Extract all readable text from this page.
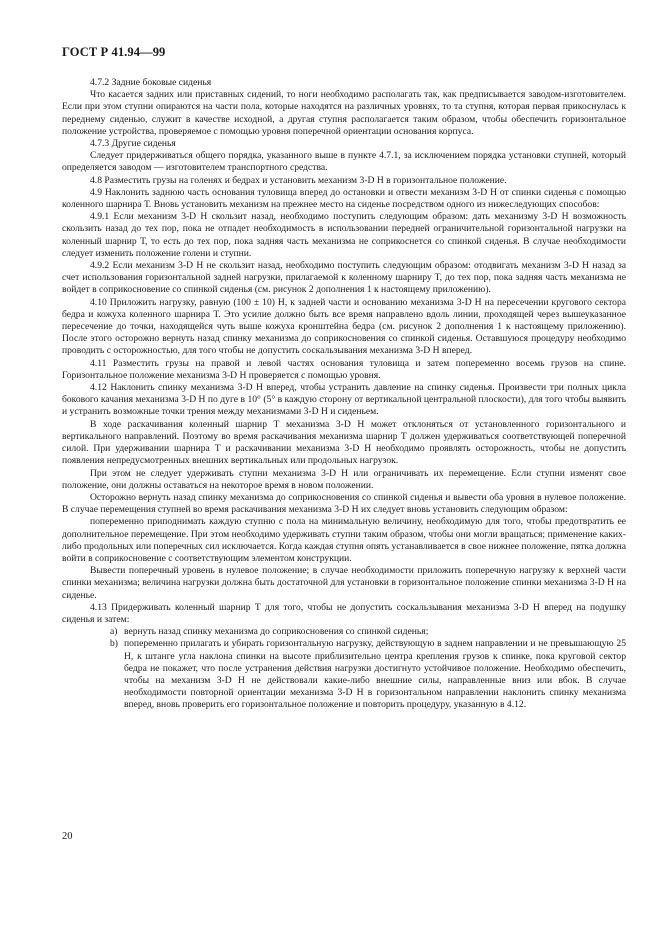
ГОСТ Р 41.94—99

4.7.2 Задние боковые сиденья

Что касается задних или приставных сидений, то ноги необходимо располагать так, как предписывается заводом-изготовителем. Если при этом ступни опираются на части пола, которые находятся на различных уровнях, то та ступня, которая первая прикоснулась к переднему сиденью, служит в качестве исходной, а другая ступня располагается таким образом, чтобы обеспечить горизонтальное положение устройства, проверяемое с помощью уровня поперечной ориентации основания корпуса.

4.7.3 Другие сиденья

Следует придерживаться общего порядка, указанного выше в пункте 4.7.1, за исключением порядка установки ступней, который определяется заводом — изготовителем транспортного средства.

4.8 Разместить грузы на голенях и бедрах и установить механизм 3-D H в горизонтальное положение.

4.9 Наклонить заднюю часть основания туловища вперед до остановки и отвести механизм 3-D H от спинки сиденья с помощью коленного шарнира Т. Вновь установить механизм на прежнее место на сиденье посредством одного из нижеследующих способов:

4.9.1 Если механизм 3-D H скользит назад, необходимо поступить следующим образом: дать механизму 3-D H возможность скользить назад до тех пор, пока не отпадет необходимость в использовании передней ограничительной горизонтальной нагрузки на коленный шарнир Т, то есть до тех пор, пока задняя часть механизма не соприкоснется со спинкой сиденья. В случае необходимости следует изменить положение голени и ступни.

4.9.2 Если механизм 3-D H не скользит назад, необходимо поступить следующим образом: отодвигать механизм 3-D H назад за счет использования горизонтальной задней нагрузки, прилагаемой к коленному шарниру Т, до тех пор, пока задняя часть механизма не войдет в соприкосновение со спинкой сиденья (см. рисунок 2 дополнения 1 к настоящему приложению).

4.10 Приложить нагрузку, равную (100 ± 10) Н, к задней части и основанию механизма 3-D H на пересечении кругового сектора бедра и кожуха коленного шарнира Т. Это усилие должно быть все время направлено вдоль линии, проходящей через вышеуказанное пересечение до точки, находящейся чуть выше кожуха кронштейна бедра (см. рисунок 2 дополнения 1 к настоящему приложению). После этого осторожно вернуть назад спинку механизма до соприкосновения со спинкой сиденья. Оставшуюся процедуру необходимо проводить с осторожностью, для того чтобы не допустить соскальзывания механизма 3-D H вперед.

4.11 Разместить грузы на правой и левой частях основания туловища и затем попеременно восемь грузов на спине. Горизонтальное положение механизма 3-D H проверяется с помощью уровня.

4.12 Наклонить спинку механизма 3-D H вперед, чтобы устранить давление на спинку сиденья. Произвести три полных цикла бокового качания механизма 3-D H по дуге в 10° (5° в каждую сторону от вертикальной центральной плоскости), для того чтобы выявить и устранить возможные точки трения между механизмами 3-D H и сиденьем.

В ходе раскачивания коленный шарнир Т механизма 3-D H может отклоняться от установленного горизонтального и вертикального направлений. Поэтому во время раскачивания механизма шарнир Т должен удерживаться соответствующей поперечной силой. При удерживании шарнира Т и раскачивании механизма 3-D H необходимо проявлять осторожность, чтобы не допустить появления непредусмотренных внешних вертикальных или продольных нагрузок.

При этом не следует удерживать ступни механизма 3-D H или ограничивать их перемещение. Если ступни изменят свое положение, они должны оставаться на некоторое время в новом положении.

Осторожно вернуть назад спинку механизма до соприкосновения со спинкой сиденья и вывести оба уровня в нулевое положение. В случае перемещения ступней во время раскачивания механизма 3-D H их следует вновь установить следующим образом:

попеременно приподнимать каждую ступню с пола на минимальную величину, необходимую для того, чтобы предотвратить ее дополнительное перемещение. При этом необходимо удерживать ступни таким образом, чтобы они могли вращаться; применение каких-либо продольных или поперечных сил исключается. Когда каждая ступня опять устанавливается в свое нижнее положение, пятка должна войти в соприкосновение с соответствующим элементом конструкции.

Вывести поперечный уровень в нулевое положение; в случае необходимости приложить поперечную нагрузку к верхней части спинки механизма; величина нагрузки должна быть достаточной для установки в горизонтальное положение спинки механизма 3-D H на сиденье.

4.13 Придерживать коленный шарнир Т для того, чтобы не допустить соскальзывания механизма 3-D H вперед на подушку сиденья и затем:

а) вернуть назад спинку механизма до соприкосновения со спинкой сиденья;
b) попеременно прилагать и убирать горизонтальную нагрузку, действующую в заднем направлении и не превышающую 25 Н, к штанге угла наклона спинки на высоте приблизительно центра крепления грузов к спинке, пока круговой сектор бедра не покажет, что после устранения действия нагрузки достигнуто устойчивое положение. Необходимо обеспечить, чтобы на механизм 3-D H не действовали какие-либо внешние силы, направленные вниз или вбок. В случае необходимости повторной ориентации механизма 3-D H в горизонтальном направлении наклонить спинку механизма вперед, вновь проверить его горизонтальное положение и повторить процедуру, указанную в 4.12.
20
